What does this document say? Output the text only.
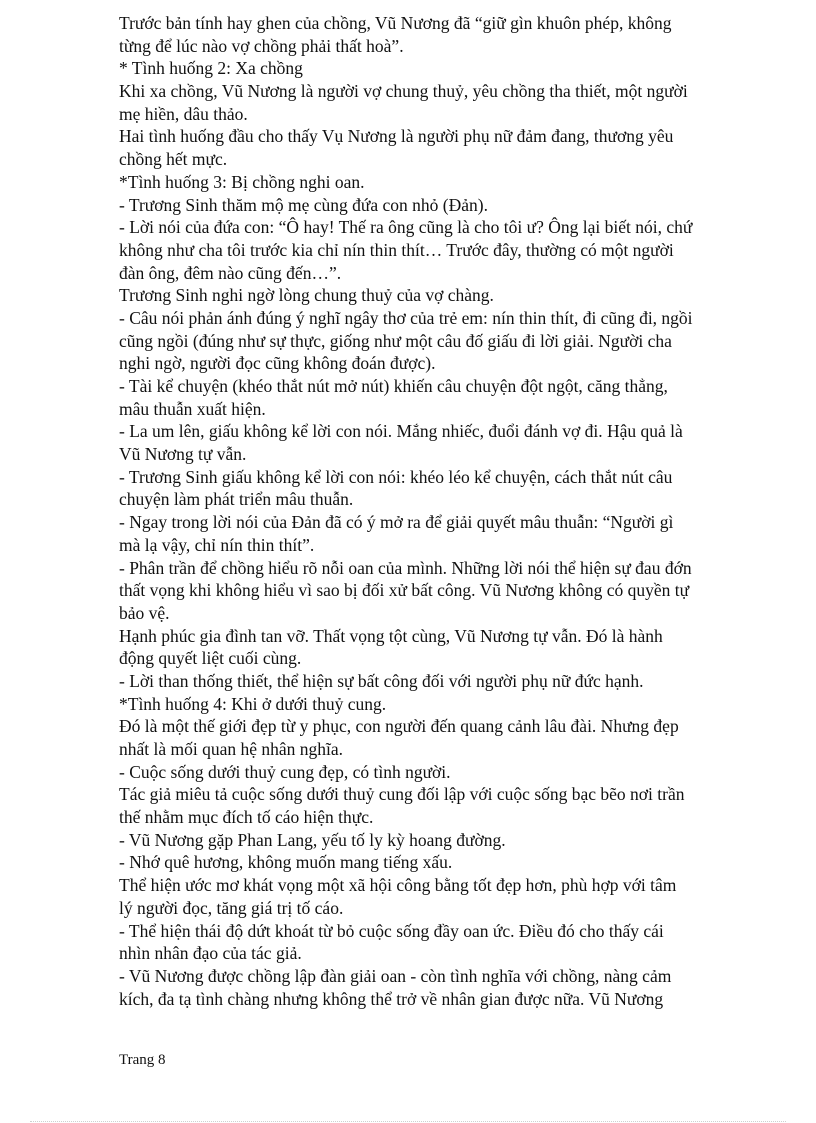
Trước bản tính hay ghen của chồng, Vũ Nương đã “giữ gìn khuôn phép, không
từng để lúc nào vợ chồng phải thất hoà”.
* Tình huống 2: Xa chồng
Khi xa chồng, Vũ Nương là người vợ chung thuỷ, yêu chồng tha thiết, một người
mẹ hiền, dâu thảo.
Hai tình huống đầu cho thấy Vụ Nương là người phụ nữ đảm đang, thương yêu
chồng hết mực.
*Tình huống 3: Bị chồng nghi oan.
- Trương Sinh thăm mộ mẹ cùng đứa con nhỏ (Đản).
- Lời nói của đứa con: “Ô hay! Thế ra ông cũng là cho tôi ư? Ông lại biết nói, chứ
không như cha tôi trước kia chỉ nín thin thít… Trước đây, thường có một người
đàn ông, đêm nào cũng đến…”.
Trương Sinh nghi ngờ lòng chung thuỷ của vợ chàng.
- Câu nói phản ánh đúng ý nghĩ ngây thơ của trẻ em: nín thin thít, đi cũng đi, ngồi
cũng ngồi (đúng như sự thực, giống như một câu đố giấu đi lời giải. Người cha
nghi ngờ, người đọc cũng không đoán được).
- Tài kể chuyện (khéo thắt nút mở nút) khiến câu chuyện đột ngột, căng thẳng,
mâu thuẫn xuất hiện.
- La um lên, giấu không kể lời con nói. Mắng nhiếc, đuổi đánh vợ đi. Hậu quả là
Vũ Nương tự vẫn.
- Trương Sinh giấu không kể lời con nói: khéo léo kể chuyện, cách thắt nút câu
chuyện làm phát triển mâu thuẫn.
- Ngay trong lời nói của Đản đã có ý mở ra để giải quyết mâu thuẫn: “Người gì
mà lạ vậy, chỉ nín thin thít”.
- Phân trần để chồng hiểu rõ nỗi oan của mình. Những lời nói thể hiện sự đau đớn
thất vọng khi không hiểu vì sao bị đối xử bất công. Vũ Nương không có quyền tự
bảo vệ.
Hạnh phúc gia đình tan vỡ. Thất vọng tột cùng, Vũ Nương tự vẫn. Đó là hành
động quyết liệt cuối cùng.
- Lời than thống thiết, thể hiện sự bất công đối với người phụ nữ đức hạnh.
*Tình huống 4: Khi ở dưới thuỷ cung.
Đó là một thế giới đẹp từ y phục, con người đến quang cảnh lâu đài. Nhưng đẹp
nhất là mối quan hệ nhân nghĩa.
- Cuộc sống dưới thuỷ cung đẹp, có tình người.
Tác giả miêu tả cuộc sống dưới thuỷ cung đối lập với cuộc sống bạc bẽo nơi trần
thế nhằm mục đích tố cáo hiện thực.
- Vũ Nương gặp Phan Lang, yếu tố ly kỳ hoang đường.
- Nhớ quê hương, không muốn mang tiếng xấu.
Thể hiện ước mơ khát vọng một xã hội công bằng tốt đẹp hơn, phù hợp với tâm
lý người đọc, tăng giá trị tố cáo.
- Thể hiện thái độ dứt khoát từ bỏ cuộc sống đầy oan ức. Điều đó cho thấy cái
nhìn nhân đạo của tác giả.
- Vũ Nương được chồng lập đàn giải oan - còn tình nghĩa với chồng, nàng cảm
kích, đa tạ tình chàng nhưng không thể trở về nhân gian được nữa. Vũ Nương
Trang 8
